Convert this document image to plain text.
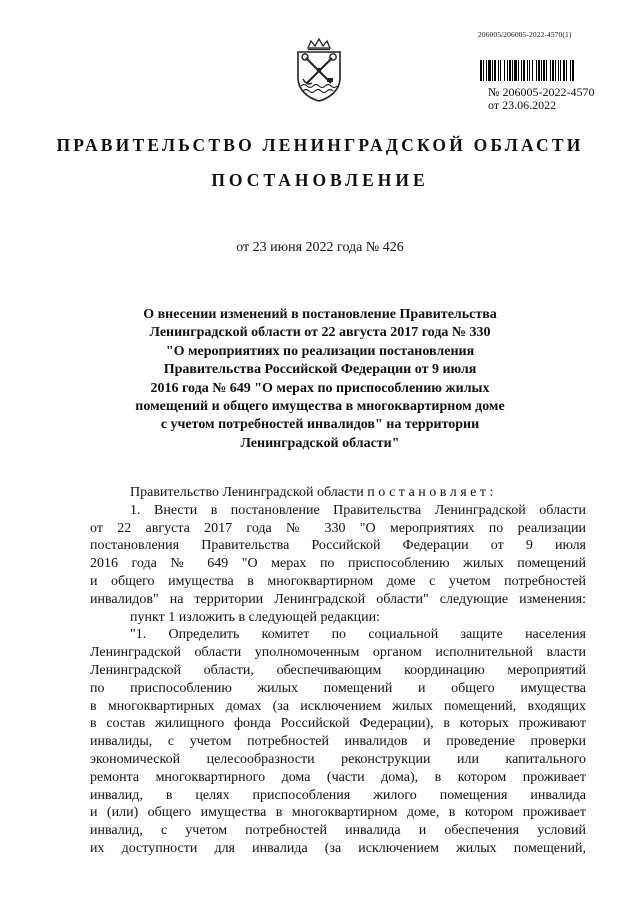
206005/206005-2022-4570(1)
№ 206005-2022-4570
от 23.06.2022
ПРАВИТЕЛЬСТВО ЛЕНИНГРАДСКОЙ ОБЛАСТИ
ПОСТАНОВЛЕНИЕ
от 23 июня 2022 года № 426
О внесении изменений в постановление Правительства
Ленинградской области от 22 августа 2017 года № 330
"О мероприятиях по реализации постановления
Правительства Российской Федерации от 9 июля
2016 года № 649 "О мерах по приспособлению жилых
помещений и общего имущества в многоквартирном доме
с учетом потребностей инвалидов" на территории
Ленинградской области"
Правительство Ленинградской области постановляет:
1. Внести в постановление Правительства Ленинградской области
от 22 августа 2017 года № 330 "О мероприятиях по реализации
постановления Правительства Российской Федерации от 9 июля
2016 года № 649 "О мерах по приспособлению жилых помещений
и общего имущества в многоквартирном доме с учетом потребностей
инвалидов" на территории Ленинградской области" следующие изменения:
пункт 1 изложить в следующей редакции:
"1. Определить комитет по социальной защите населения
Ленинградской области уполномоченным органом исполнительной власти
Ленинградской области, обеспечивающим координацию мероприятий
по приспособлению жилых помещений и общего имущества
в многоквартирных домах (за исключением жилых помещений, входящих
в состав жилищного фонда Российской Федерации), в которых проживают
инвалиды, с учетом потребностей инвалидов и проведение проверки
экономической целесообразности реконструкции или капитального
ремонта многоквартирного дома (части дома), в котором проживает
инвалид, в целях приспособления жилого помещения инвалида
и (или) общего имущества в многоквартирном доме, в котором проживает
инвалид, с учетом потребностей инвалида и обеспечения условий
их доступности для инвалида (за исключением жилых помещений,
